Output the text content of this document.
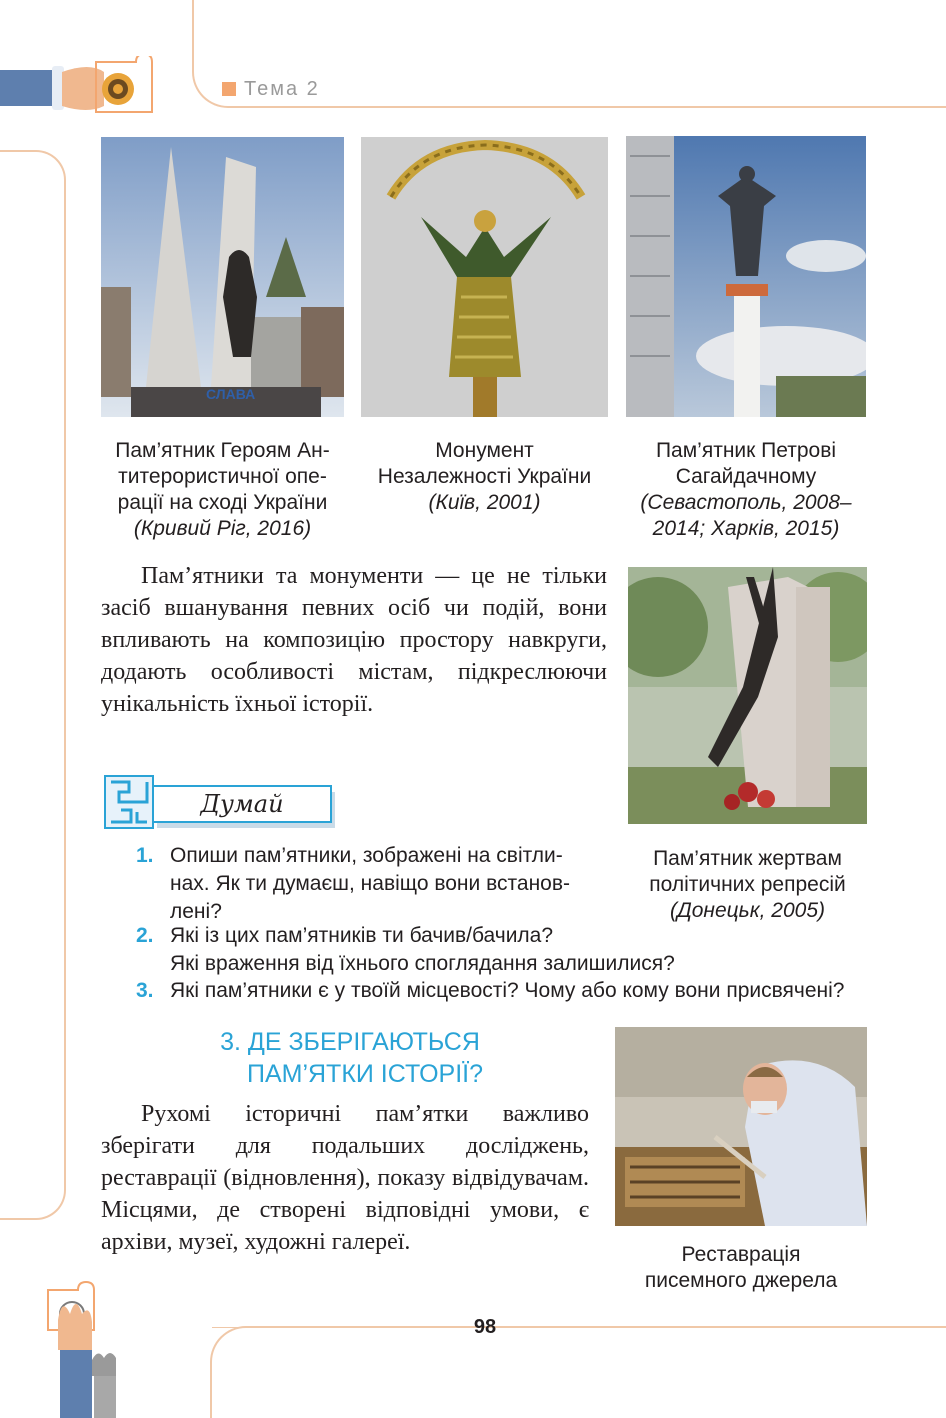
Тема 2
СЛАВА
Пам’ятник Героям Ан-
титерористичної опе-
рації на сході України
(Кривий Ріг, 2016)
Монумент
Незалежності України
(Київ, 2001)
Пам’ятник Петрові
Сагайдачному
(Севастополь, 2008–
2014; Харків, 2015)
Пам’ятники та монументи — це не тільки засіб вшанування певних осіб чи подій, вони впливають на композицію простору навкруги, додають особливості містам, підкреслюючи унікальність їхньої історії.
Пам’ятник жертвам
політичних репресій
(Донецьк, 2005)
Думай
1. Опиши пам’ятники, зображені на світли-
нах. Як ти думаєш, навіщо вони встанов-
лені?
2. Які із цих пам’ятників ти бачив/бачила?
Які враження від їхнього споглядання залишилися?
3. Які пам’ятники є у твоїй місцевості? Чому або кому вони присвячені?
3. ДЕ ЗБЕРІГАЮТЬСЯ
ПАМ’ЯТКИ ІСТОРІЇ?
Рухомі історичні пам’ятки важливо зберігати для подальших досліджень, реставрації (відновлення), показу відвідувачам. Місцями, де створені відповідні умови, є архіви, музеї, художні галереї.	Реставрація
писемного джерела
98
